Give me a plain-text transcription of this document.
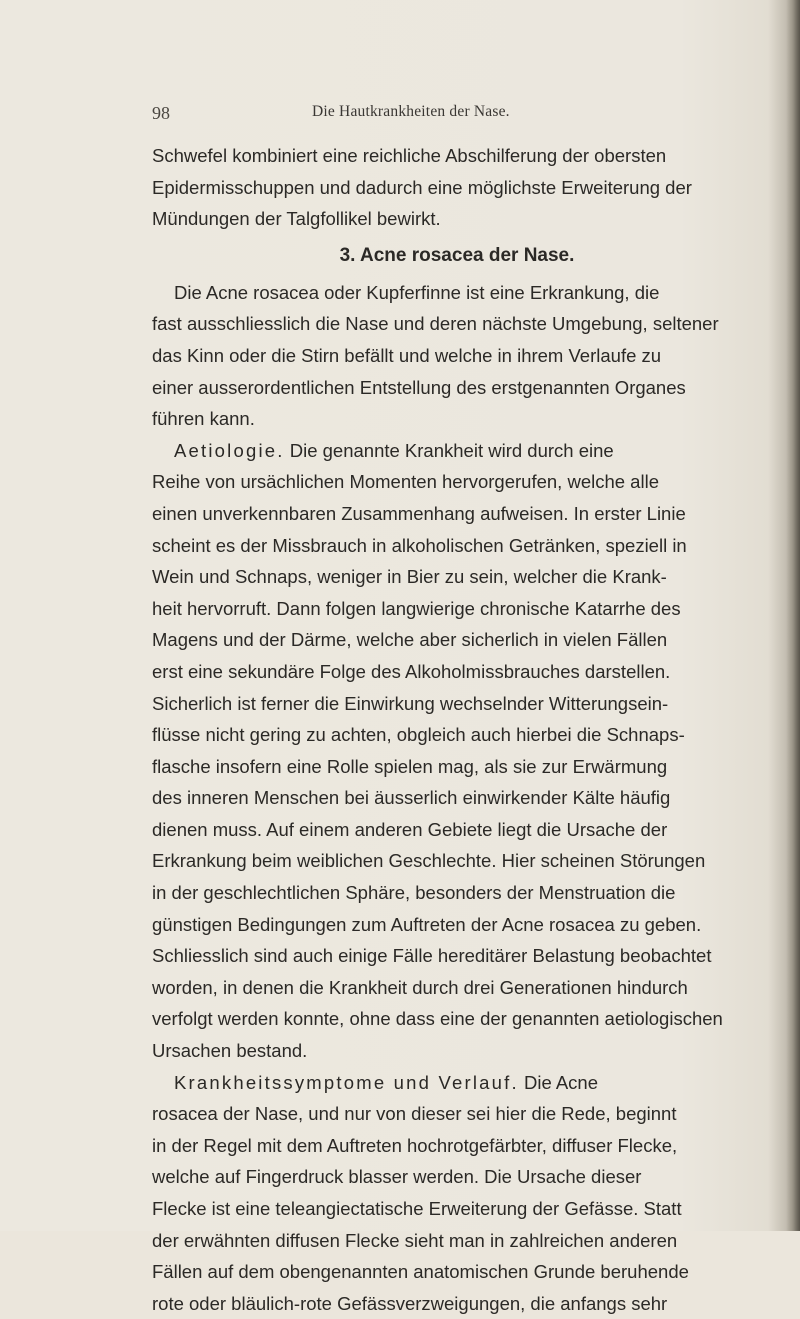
98	Die Hautkrankheiten der Nase.
Schwefel kombiniert eine reichliche Abschilferung der obersten
Epidermisschuppen und dadurch eine möglichste Erweiterung der
Mündungen der Talgfollikel bewirkt.
3. Acne rosacea der Nase.
Die Acne rosacea oder Kupferfinne ist eine Erkrankung, die
fast ausschliesslich die Nase und deren nächste Umgebung, seltener
das Kinn oder die Stirn befällt und welche in ihrem Verlaufe zu
einer ausserordentlichen Entstellung des erstgenannten Organes
führen kann.
Aetiologie. Die genannte Krankheit wird durch eine
Reihe von ursächlichen Momenten hervorgerufen, welche alle
einen unverkennbaren Zusammenhang aufweisen. In erster Linie
scheint es der Missbrauch in alkoholischen Getränken, speziell in
Wein und Schnaps, weniger in Bier zu sein, welcher die Krank-
heit hervorruft. Dann folgen langwierige chronische Katarrhe des
Magens und der Därme, welche aber sicherlich in vielen Fällen
erst eine sekundäre Folge des Alkoholmissbrauches darstellen.
Sicherlich ist ferner die Einwirkung wechselnder Witterungsein-
flüsse nicht gering zu achten, obgleich auch hierbei die Schnaps-
flasche insofern eine Rolle spielen mag, als sie zur Erwärmung
des inneren Menschen bei äusserlich einwirkender Kälte häufig
dienen muss. Auf einem anderen Gebiete liegt die Ursache der
Erkrankung beim weiblichen Geschlechte. Hier scheinen Störungen
in der geschlechtlichen Sphäre, besonders der Menstruation die
günstigen Bedingungen zum Auftreten der Acne rosacea zu geben.
Schliesslich sind auch einige Fälle hereditärer Belastung beobachtet
worden, in denen die Krankheit durch drei Generationen hindurch
verfolgt werden konnte, ohne dass eine der genannten aetiologischen
Ursachen bestand.
Krankheitssymptome und Verlauf. Die Acne
rosacea der Nase, und nur von dieser sei hier die Rede, beginnt
in der Regel mit dem Auftreten hochrotgefärbter, diffuser Flecke,
welche auf Fingerdruck blasser werden. Die Ursache dieser
Flecke ist eine teleangiectatische Erweiterung der Gefässe. Statt
der erwähnten diffusen Flecke sieht man in zahlreichen anderen
Fällen auf dem obengenannten anatomischen Grunde beruhende
rote oder bläulich-rote Gefässverzweigungen, die anfangs sehr
